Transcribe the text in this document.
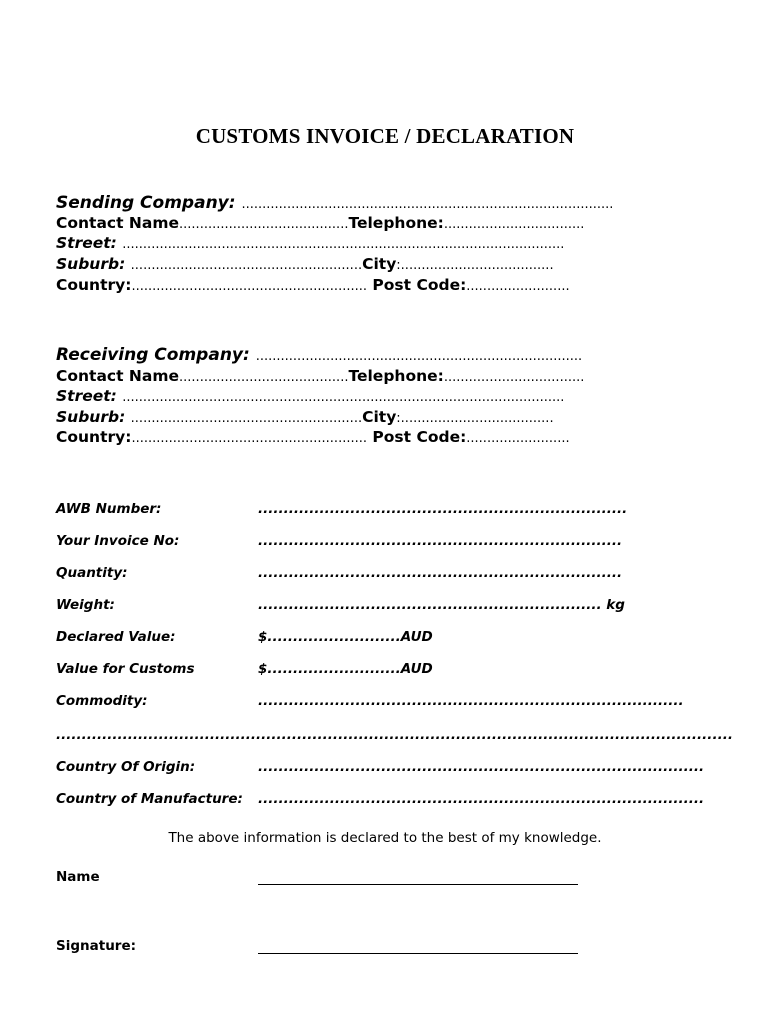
CUSTOMS INVOICE / DECLARATION
Sending Company: ..........................................................................................
Contact Name.........................................Telephone:..................................
Street: ...........................................................................................................
Suburb: ........................................................City:.....................................
Country:......................................................... Post Code:.........................
Receiving Company: ...............................................................................
Contact Name.........................................Telephone:..................................
Street: ...........................................................................................................
Suburb: ........................................................City:.....................................
Country:......................................................... Post Code:.........................
AWB Number:	........................................................................
Your Invoice No:	.......................................................................
Quantity:	.......................................................................
Weight:	................................................................... kg
Declared Value:	$..........................AUD
Value for Customs	$..........................AUD
Commodity:	...................................................................................
....................................................................................................................................
Country Of Origin:	.......................................................................................
Country of Manufacture: .......................................................................................
The above information is declared to the best of my knowledge.
Name
Signature:
